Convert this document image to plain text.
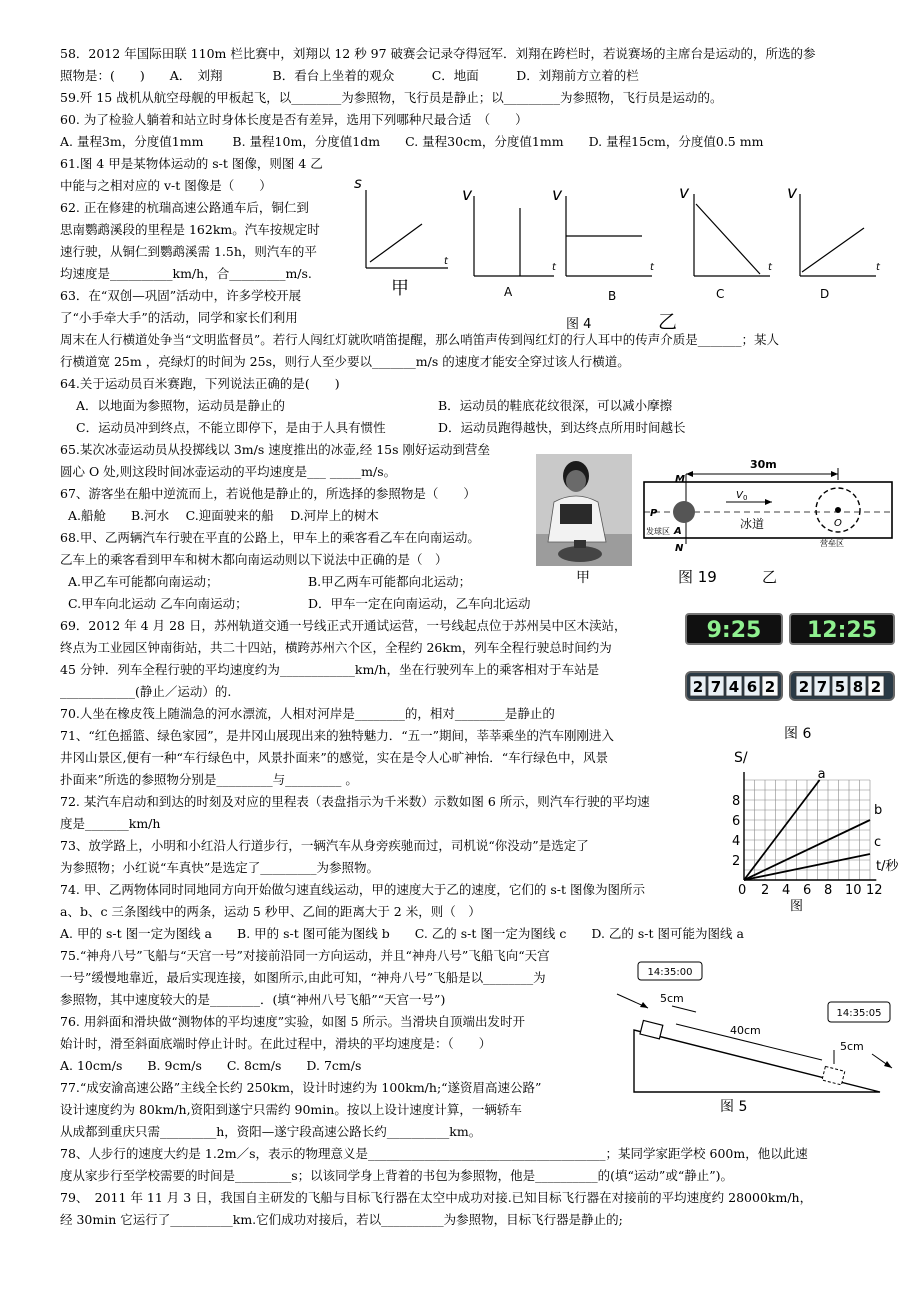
58．2012 年国际田联 110m 栏比赛中，刘翔以 12 秒 97 破赛会记录夺得冠军．刘翔在跨栏时，若说赛场的主席台是运动的，所选的参
照物是：(　　)　　A．　刘翔　　　　B．看台上坐着的观众　　　C．地面　　　D．刘翔前方立着的栏
59.歼 15 战机从航空母舰的甲板起飞，以________为参照物，飞行员是静止；以_________为参照物，飞行员是运动的。
60. 为了检验人躺着和站立时身体长度是否有差异，选用下列哪种尺最合适　（　　）
A. 量程3m，分度值1mm　　 B. 量程10m，分度值1dm　　C. 量程30cm，分度值1mm　　D. 量程15cm，分度值0.5 mm
61.图 4 甲是某物体运动的 s-t 图像，则图 4 乙
中能与之相对应的 v-t 图像是（　　）
62. 正在修建的杭瑞高速公路通车后，铜仁到
思南鹦鹉溪段的里程是 162km。汽车按规定时
速行驶，从铜仁到鹦鹉溪需 1.5h，则汽车的平
均速度是__________km/h，合_________m/s.
63．在“双创—巩固”活动中，许多学校开展
了“小手牵大手”的活动，同学和家长们利用
周末在人行横道处争当“文明监督员”。若行人闯红灯就吹哨笛提醒，那么哨笛声传到闯红灯的行人耳中的传声介质是_______；某人
行横道宽 25m ，亮绿灯的时间为 25s，则行人至少要以_______m/s 的速度才能安全穿过该人行横道。
64.关于运动员百米赛跑，下列说法正确的是(　　)
A．以地面为参照物，运动员是静止的	B．运动员的鞋底花纹很深，可以减小摩擦
C．运动员冲到终点，不能立即停下，是由于人具有惯性	D．运动员跑得越快，到达终点所用时间越长
65.某次冰壶运动员从投掷线以 3m/s 速度推出的冰壶,经 15s 刚好运动到营垒
圆心 O 处,则这段时间冰壶运动的平均速度是___ _____m/s。
67、游客坐在船中逆流而上，若说他是静止的，所选择的参照物是（　　）
A.船舱　　B.河水　 C.迎面驶来的船　 D.河岸上的树木
68.甲、乙两辆汽车行驶在平直的公路上，甲车上的乘客看乙车在向南运动。
乙车上的乘客看到甲车和树木都向南运动则以下说法中正确的是（　）
A.甲乙车可能都向南运动；	B.甲乙两车可能都向北运动；
C.甲车向北运动 乙车向南运动；	D．甲车一定在向南运动，乙车向北运动
69．2012 年 4 月 28 日，苏州轨道交通一号线正式开通试运营，一号线起点位于苏州吴中区木渎站，
终点为工业园区钟南街站，共二十四站，横跨苏州六个区，全程约 26km，列车全程行驶总时间约为
45 分钟．列车全程行驶的平均速度约为____________km/h，坐在行驶列车上的乘客相对于车站是
____________(静止／运动）的.
70.人坐在橡皮筏上随湍急的河水漂流，人相对河岸是________的，相对________是静止的
71、“红色摇篮、绿色家园”，是井冈山展现出来的独特魅力．“五一”期间，莘莘乘坐的汽车刚刚进入
井冈山景区,便有一种“车行绿色中，风景扑面来”的感觉，实在是令人心旷神怡．“车行绿色中，风景
扑面来”所选的参照物分别是_________与_________ 。
72. 某汽车启动和到达的时刻及对应的里程表（表盘指示为千米数）示数如图 6 所示，则汽车行驶的平均速
度是_______km/h
73、放学路上，小明和小红沿人行道步行，一辆汽车从身旁疾驰而过，司机说“你没动”是选定了
为参照物；小红说“车真快”是选定了_________为参照物。
74. 甲、乙两物体同时同地同方向开始做匀速直线运动，甲的速度大于乙的速度，它们的 s-t 图像为图所示
a、b、c 三条图线中的两条，运动 5 秒甲、乙间的距离大于 2 米，则（　）
A. 甲的 s-t 图一定为图线 a　　B. 甲的 s-t 图可能为图线 b　　C. 乙的 s-t 图一定为图线 c　　D. 乙的 s-t 图可能为图线 a
75.“神舟八号”飞船与“天宫一号”对接前沿同一方向运动，并且“神舟八号”飞船飞向“天宫
一号”缓慢地靠近，最后实现连接，如图所示,由此可知，“神舟八号”飞船是以________为
参照物，其中速度较大的是________．(填“神州八号飞船”“天宫一号”)
76. 用斜面和滑块做“测物体的平均速度”实验，如图 5 所示。当滑块自顶端出发时开
始计时，滑至斜面底端时停止计时。在此过程中，滑块的平均速度是：（　　）
A. 10cm/s　　B. 9cm/s　　C. 8cm/s　　D. 7cm/s
77.“成安渝高速公路”主线全长约 250km，设计时速约为 100km/h;“遂资眉高速公路”
设计速度约为 80km/h,资阳到遂宁只需约 90min。按以上设计速度计算，一辆轿车
从成都到重庆只需_________h，资阳—遂宁段高速公路长约__________km。
78、人步行的速度大约是 1.2m／s，表示的物理意义是______________________________________；某同学家距学校 600m，他以此速
度从家步行至学校需要的时间是_________s；以该同学身上背着的书包为参照物，他是__________的(填“运动”或“静止”)。
79、　2011 年 11 月 3 日，我国自主研发的飞船与目标飞行器在太空中成功对接.已知目标飞行器在对接前的平均速度约 28000km/h，
经 30min 它运行了__________km.它们成功对接后，若以__________为参照物，目标飞行器是静止的;
s
t
甲
v
t
A
v
t
B
v
t
C
v
t
D
图 4	乙
甲
30m
V 0
M
N
P
A
O
发球区
冰道
营垒区
图 19	乙
9:25 12:25
2 7 4 6 2 2 7 5 8 2
图 6
a
b
c
0 2 4 6 8 10 12
2
4
6
8
S/
t/秒
图
14:35:00
14:35:05
5cm
40cm
5cm
图 5
